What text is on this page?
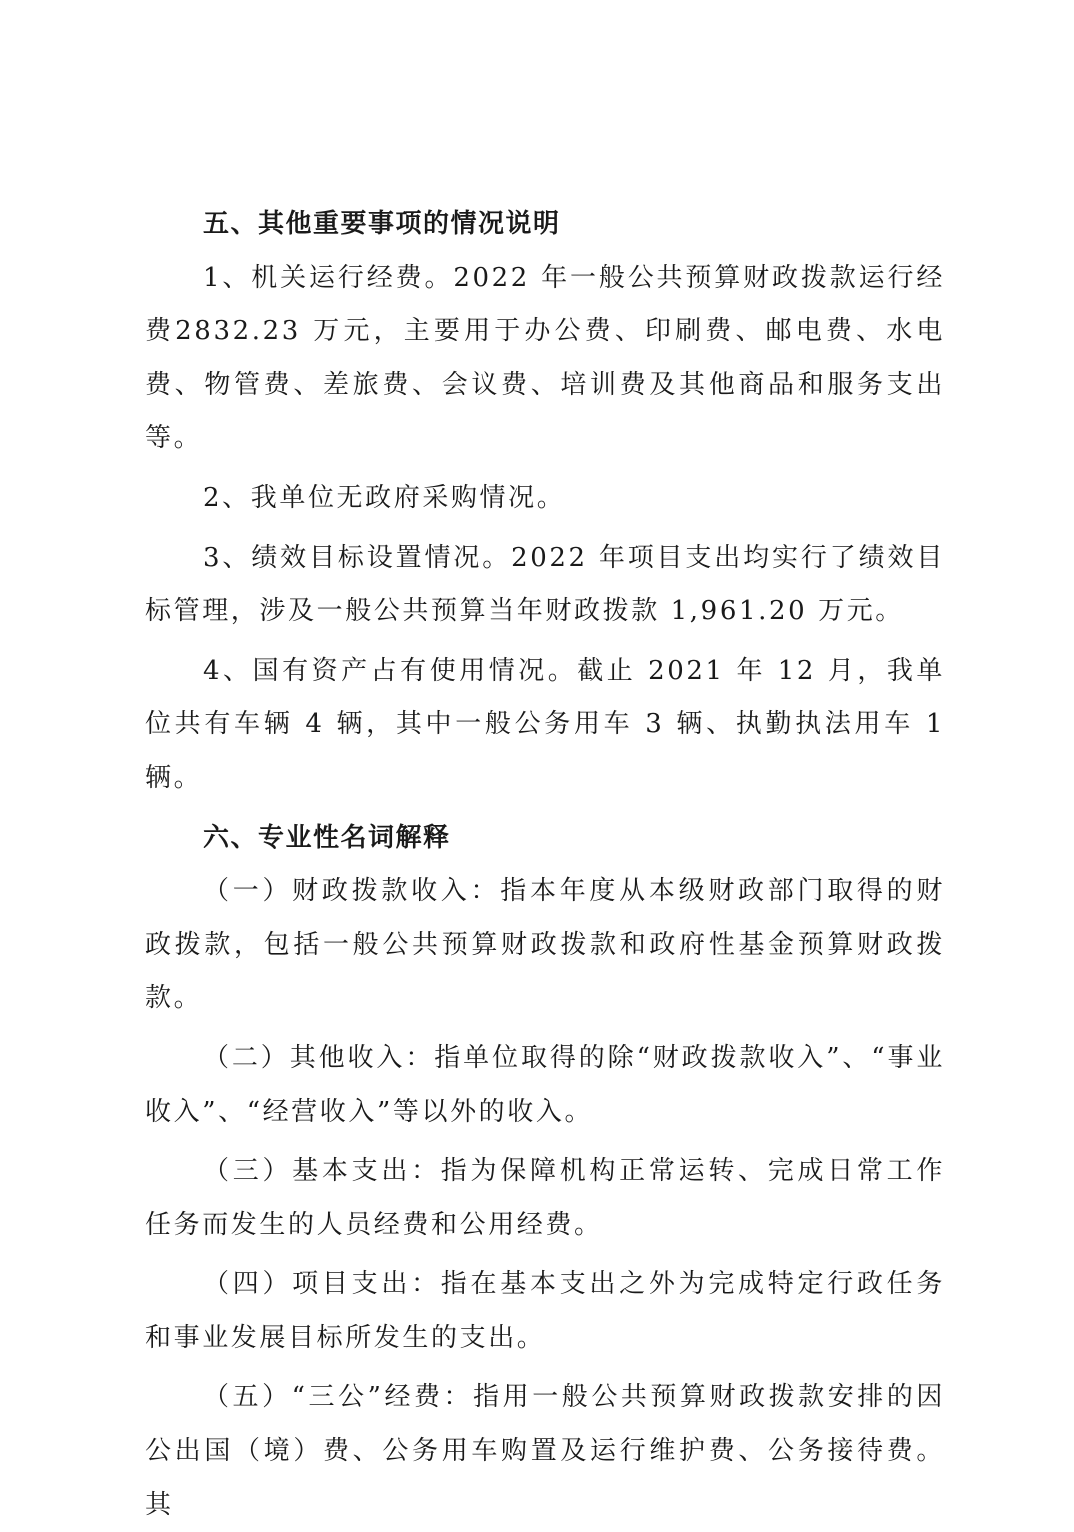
五、其他重要事项的情况说明

1、机关运行经费。2022 年一般公共预算财政拨款运行经费2832.23 万元，主要用于办公费、印刷费、邮电费、水电费、物管费、差旅费、会议费、培训费及其他商品和服务支出等。

2、我单位无政府采购情况。

3、绩效目标设置情况。2022 年项目支出均实行了绩效目标管理，涉及一般公共预算当年财政拨款 1,961.20 万元。

4、国有资产占有使用情况。截止 2021 年 12 月，我单位共有车辆 4 辆，其中一般公务用车 3 辆、执勤执法用车 1 辆。

六、专业性名词解释

（一）财政拨款收入：指本年度从本级财政部门取得的财政拨款，包括一般公共预算财政拨款和政府性基金预算财政拨款。

（二）其他收入：指单位取得的除“财政拨款收入”、“事业收入”、“经营收入”等以外的收入。

（三）基本支出：指为保障机构正常运转、完成日常工作任务而发生的人员经费和公用经费。

（四）项目支出：指在基本支出之外为完成特定行政任务和事业发展目标所发生的支出。

（五）“三公”经费：指用一般公共预算财政拨款安排的因公出国（境）费、公务用车购置及运行维护费、公务接待费。其
